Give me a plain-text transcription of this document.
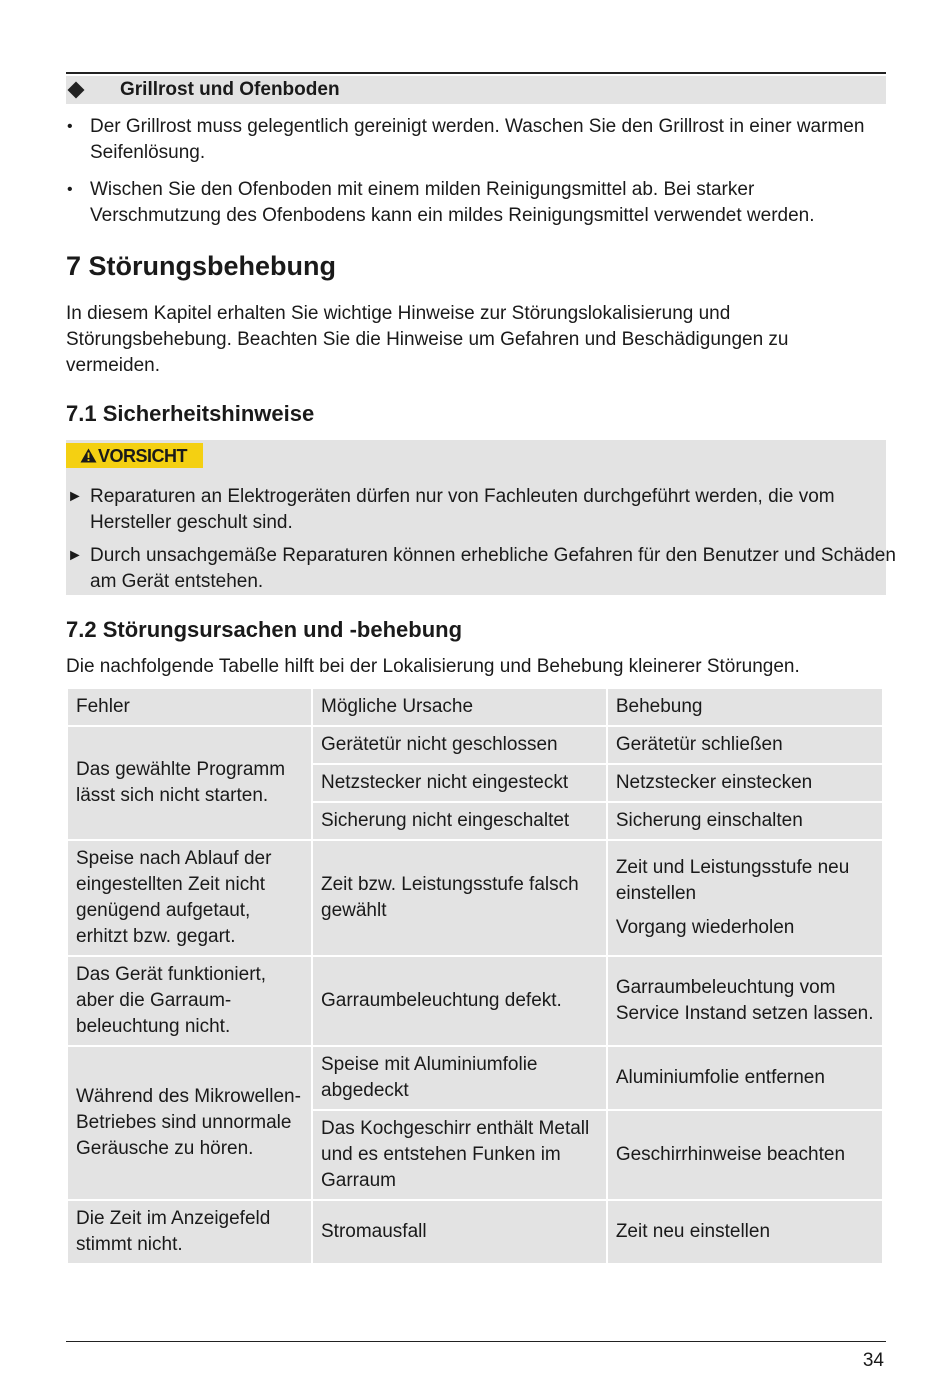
Grillrost und Ofenboden
• Der Grillrost muss gelegentlich gereinigt werden. Waschen Sie den Grillrost in einer warmen Seifenlösung.
• Wischen Sie den Ofenboden mit einem milden Reinigungsmittel ab. Bei starker Verschmutzung des Ofenbodens kann ein mildes Reinigungsmittel verwendet werden.
7 Störungsbehebung

In diesem Kapitel erhalten Sie wichtige Hinweise zur Störungslokalisierung und Störungsbehebung. Beachten Sie die Hinweise um Gefahren und Beschädigungen zu vermeiden.

7.1 Sicherheitshinweise
VORSICHT
► Reparaturen an Elektrogeräten dürfen nur von Fachleuten durchgeführt werden, die vom Hersteller geschult sind.
► Durch unsachgemäße Reparaturen können erhebliche Gefahren für den Benutzer und Schäden am Gerät entstehen.
7.2 Störungsursachen und -behebung

Die nachfolgende Tabelle hilft bei der Lokalisierung und Behebung kleinerer Störungen.

Fehler	Mögliche Ursache	Behebung
Das gewählte Programm lässt sich nicht starten.	Gerätetür nicht geschlossen	Gerätetür schließen
	Netzstecker nicht eingesteckt	Netzstecker einstecken
	Sicherung nicht eingeschaltet	Sicherung einschalten
Speise nach Ablauf der eingestellten Zeit nicht genügend aufgetaut, erhitzt bzw. gegart.	Zeit bzw. Leistungsstufe falsch gewählt	Zeit und Leistungsstufe neu einstellen
Vorgang wiederholen

Das Gerät funktioniert, aber die Garraum-beleuchtung nicht.	Garraumbeleuchtung defekt.	Garraumbeleuchtung vom Service Instand setzen lassen.
Während des Mikrowellen-Betriebes sind unnormale Geräusche zu hören.	Speise mit Aluminiumfolie abgedeckt	Aluminiumfolie entfernen
	Das Kochgeschirr enthält Metall und es entstehen Funken im Garraum	Geschirrhinweise beachten
Die Zeit im Anzeigefeld stimmt nicht.	Stromausfall	Zeit neu einstellen
34
